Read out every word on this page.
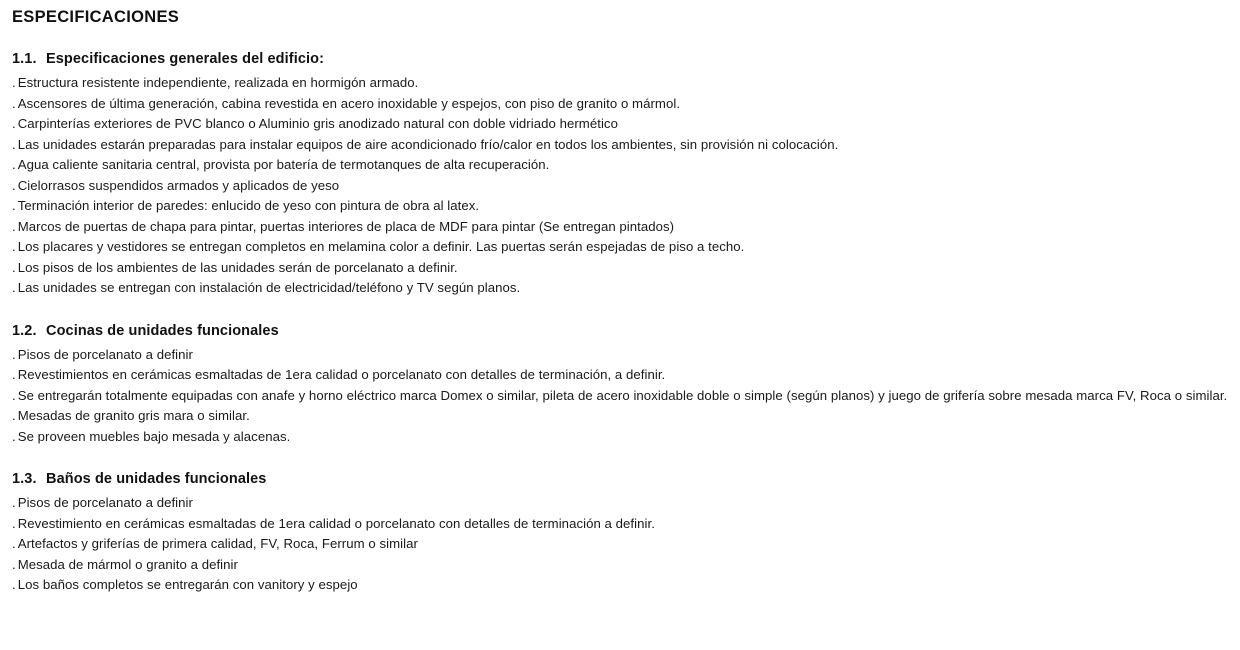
ESPECIFICACIONES
1.1. Especificaciones generales del edificio:
. Estructura resistente independiente, realizada en hormigón armado.
. Ascensores de última generación, cabina revestida en acero inoxidable y espejos, con piso de granito o mármol.
. Carpinterías exteriores de PVC blanco o Aluminio gris anodizado natural con doble vidriado hermético
. Las unidades estarán preparadas para instalar equipos de aire acondicionado frío/calor en todos los ambientes, sin provisión ni colocación.
. Agua caliente sanitaria central, provista por batería de termotanques de alta recuperación.
. Cielorrasos suspendidos armados y aplicados de yeso
. Terminación interior de paredes: enlucido de yeso con pintura de obra al latex.
. Marcos de puertas de chapa para pintar, puertas interiores de placa de MDF para pintar (Se entregan pintados)
. Los placares y vestidores se entregan completos en melamina color a definir. Las puertas serán espejadas de piso a techo.
. Los pisos de los ambientes de las unidades serán de porcelanato a definir.
. Las unidades se entregan con instalación de electricidad/teléfono y TV según planos.
1.2. Cocinas de unidades funcionales
. Pisos de porcelanato a definir
. Revestimientos en cerámicas esmaltadas de 1era calidad o porcelanato con detalles de terminación, a definir.
. Se entregarán totalmente equipadas con anafe y horno eléctrico marca Domex o similar, pileta de acero inoxidable doble o simple (según planos) y juego de grifería sobre mesada marca FV, Roca o similar.
. Mesadas de granito gris mara o similar.
. Se proveen muebles bajo mesada y alacenas.
1.3. Baños de unidades funcionales
. Pisos de porcelanato a definir
. Revestimiento en cerámicas esmaltadas de 1era calidad o porcelanato con detalles de terminación a definir.
. Artefactos y griferías de primera calidad, FV, Roca, Ferrum o similar
. Mesada de mármol o granito a definir
. Los baños completos se entregarán con vanitory y espejo
